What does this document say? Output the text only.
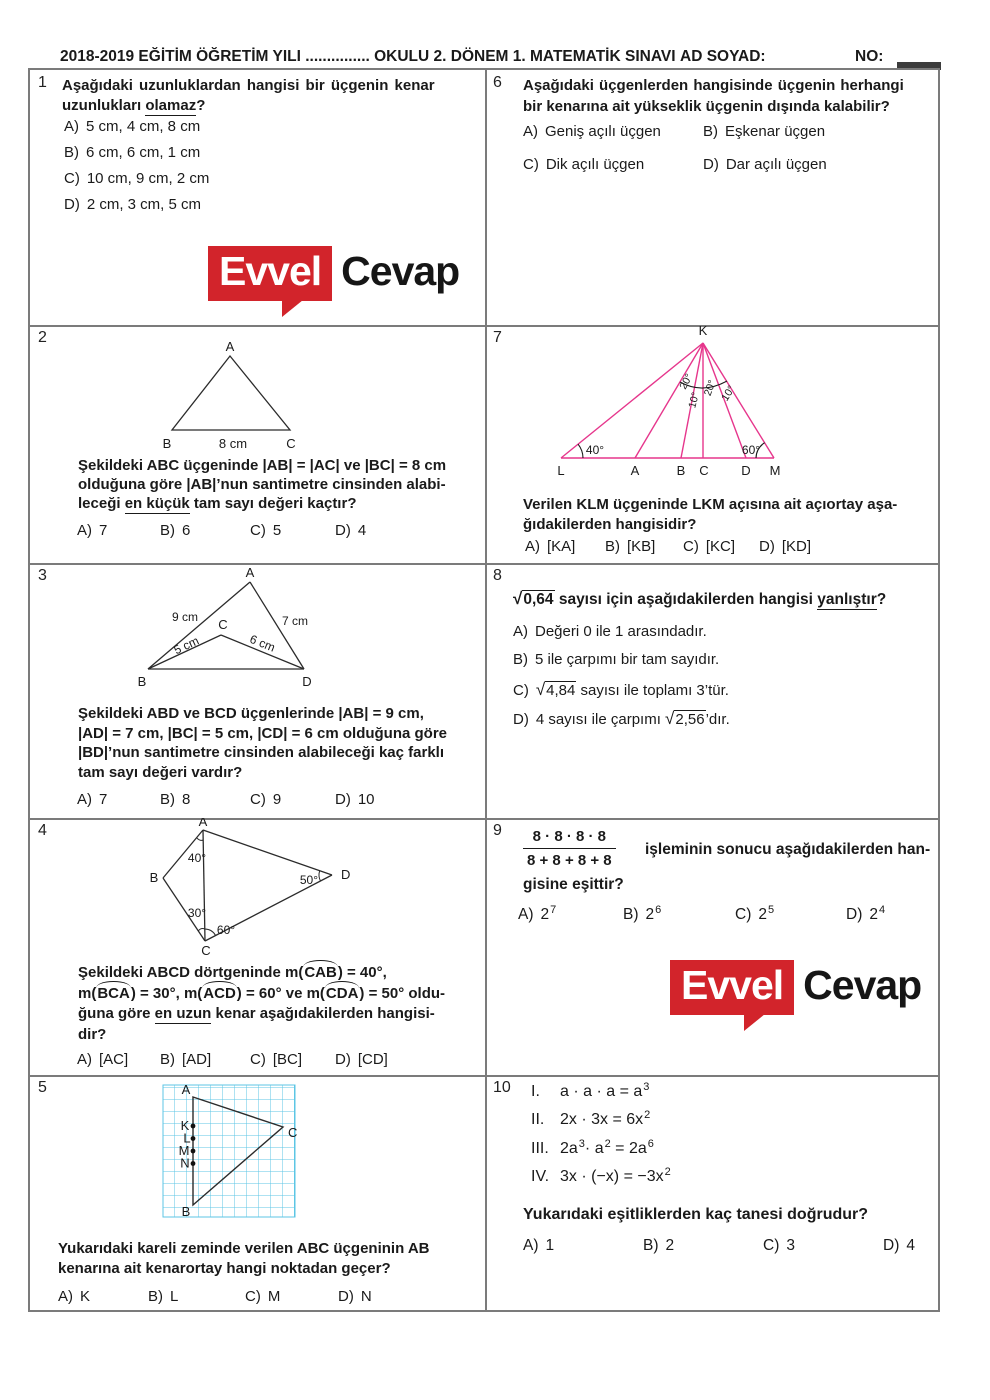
2018-2019 EĞİTİM ÖĞRETİM YILI ............... OKULU 2. DÖNEM 1. MATEMATİK SINAVI AD SOYAD:	NO:
1 Aşağıdaki uzunluklardan hangisi bir üçgenin kenar
uzunlukları olamaz?
A) 5 cm, 4 cm, 8 cm
B) 6 cm, 6 cm, 1 cm
C) 10 cm, 9 cm, 2 cm
D) 2 cm, 3 cm, 5 cm
Evvel Cevap
2
A
B	C
8 cm
Şekildeki ABC üçgeninde |AB| = |AC| ve |BC| = 8 cm
olduğuna göre |AB|’nun santimetre cinsinden alabi-
leceği en küçük tam sayı değeri kaçtır?
A) 7	B) 6	C) 5	D) 4
3	A
B	D
C
9 cm	7 cm
5 cm	6 cm
Şekildeki ABD ve BCD üçgenlerinde |AB| = 9 cm,
|AD| = 7 cm, |BC| = 5 cm, |CD| = 6 cm olduğuna göre
|BD|’nun santimetre cinsinden alabileceği kaç farklı
tam sayı değeri vardır?
A) 7	B) 8	C) 9	D) 10
4
A
B
C
D
40°
30°
60°
50°
Şekildeki ABCD dörtgeninde m(CAB) = 40°,
m(BCA) = 30°, m(ACD) = 60° ve m(CDA) = 50° oldu-
ğuna göre en uzun kenar aşağıdakilerden hangisi-
dir?
A) [AC] B) [AD]	C) [BC] D) [CD]
5	A
K
L
M
N
B
C
Yukarıdaki kareli zeminde verilen ABC üçgeninin AB
kenarına ait kenarortay hangi noktadan geçer?
A) K	B) L	C) M	D) N
6 Aşağıdaki üçgenlerden hangisinde üçgenin herhangi
bir kenarına ait yükseklik üçgenin dışında kalabilir?
A) Geniş açılı üçgen	B) Eşkenar üçgen
C) Dik açılı üçgen	D) Dar açılı üçgen
7	K
L	A	B C	D M
40°	60°
20°
10°
20° 10°
Verilen KLM üçgeninde LKM açısına ait açıortay aşa-
ğıdakilerden hangisidir?
A) [KA] B) [KB] C) [KC] D) [KD]
8
√0,64 sayısı için aşağıdakilerden hangisi yanlıştır?
A) Değeri 0 ile 1 arasındadır.
B) 5 ile çarpımı bir tam sayıdır.
C) √4,84 sayısı ile toplamı 3’tür.
D) 4 sayısı ile çarpımı √2,56’dır.
$9 \frac{8 \cdot 8 \cdot 8 \cdot 8}{8 + 8 + 8 + 8}$ işleminin sonucu aşağıdakilerden han-
gisine eşittir?
A) $2^7$	B) $2^6$	C) $2^5$	D) $2^4$
Evvel Cevap
10 I. $a \cdot a \cdot a = a^3$
II. $2x \cdot 3x = 6x^2$
III. $2a^3\cdot a^2 = 2a^6$
IV. $3x \cdot (-x) = -3x^2$
Yukarıdaki eşitliklerden kaç tanesi doğrudur?
A) 1	B) 2	C) 3	D) 4
